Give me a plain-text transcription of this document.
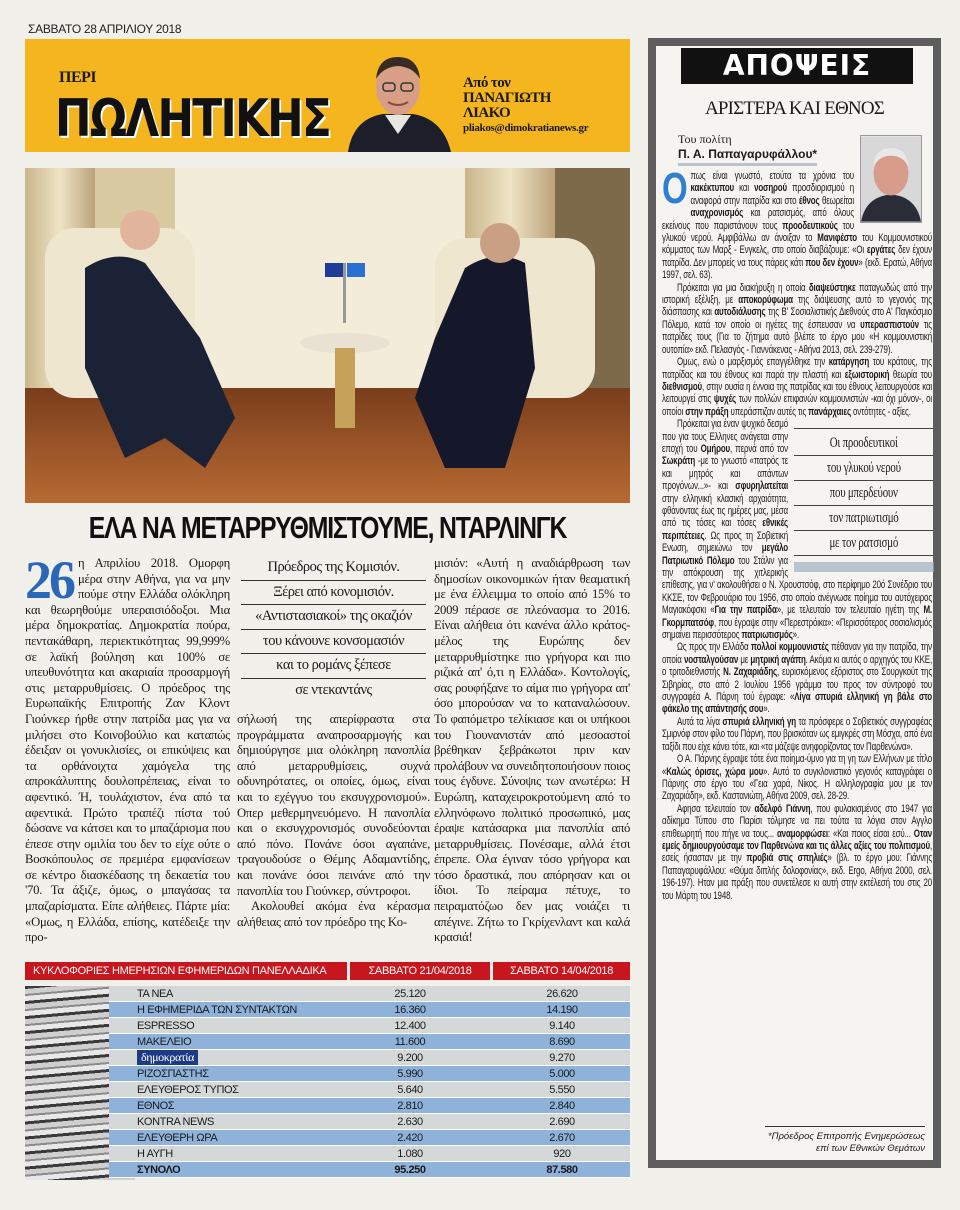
ΣΑΒΒΑΤΟ 28 ΑΠΡΙΛΙΟΥ 2018
ΠΕΡΙ
ΠΩΛΗΤΙΚΗΣ
Από τον
ΠΑΝΑΓΙΩΤΗ
ΛΙΑΚΟ
pliakos@dimokratianews.gr
ΕΛΑ ΝΑ ΜΕΤΑΡΡΥΘΜΙΣΤΟΥΜΕ, ΝΤΑΡΛΙΝΓΚ
26 η Απριλίου 2018. Ομορφη μέρα στην Αθήνα, για να μην πούμε στην Ελλάδα ολόκληρη και θεωρηθούμε υπεραισιόδοξοι. Μια μέρα δημοκρατίας. Δημοκρατία πούρα, πεντακάθαρη, περιεκτικότητας 99,999% σε λαϊκή βούληση και 100% σε υπευθυνότητα και ακαριαία προσαρμογή στις μεταρρυθμίσεις. Ο πρόεδρος της Ευρωπαϊκής Επιτροπής Ζαν Κλοντ Γιούνκερ ήρθε στην πατρίδα μας για να μιλήσει στο Κοινοβούλιο και καταπώς έδειξαν οι γονυκλισίες, οι επικύψεις και τα ορθάνοιχτα χαμόγελα της απροκάλυπτης δουλοπρέπειας, είναι το αφεντικό. Ή, τουλάχιστον, ένα από τα αφεντικά. Πρώτο τραπέζι πίστα τού δώσανε να κάτσει και το μπαζάρισμα που έπεσε στην ομιλία του δεν το είχε ούτε ο Βοσκόπουλος σε πρεμιέρα εμφανίσεων σε κέντρο διασκέδασης τη δεκαετία του '70. Τα άξιζε, όμως, ο μπαγάσας τα μπαζαρίσματα. Είπε αλήθειες. Πάρτε μία: «Ομως, η Ελλάδα, επίσης, κατέδειξε την προ-
Πρόεδρος της Κομισιόν.
Ξέρει από κονομισιόν.
«Αντιστασιακοί» της οκαζιόν
του κάνουνε κονσομασιόν
και το ρομάνς ξέπεσε
σε ντεκαντάνς

σήλωσή της απερίφραστα στα προγράμματα αναπροσαρμογής και δημιούργησε μια ολόκληρη πανοπλία από μεταρρυθμίσεις, συχνά οδυνηρότατες, οι οποίες, όμως, είναι και το εχέγγυο του εκσυγχρονισμού». Οπερ μεθερμηνευόμενο. Η πανοπλία και ο εκσυγχρονισμός συνοδεύονται από πόνο. Πονάνε όσοι αγαπάνε, τραγουδούσε ο Θέμης Αδαμαντίδης, και πονάνε όσοι πεινάνε από την πανοπλία του Γιούνκερ, σύντροφοι.

Ακολουθεί ακόμα ένα κέρασμα αλήθειας από τον πρόεδρο της Κο-

μισιόν: «Αυτή η αναδιάρθρωση των δημοσίων οικονομικών ήταν θεαματική με ένα έλλειμμα το οποίο από 15% το 2009 πέρασε σε πλεόνασμα το 2016. Είναι αλήθεια ότι κανένα άλλο κράτος-μέλος της Ευρώπης δεν μεταρρυθμίστηκε πιο γρήγορα και πιο ριζικά απ' ό,τι η Ελλάδα». Κοντολογίς, σας ρουφήξανε το αίμα πιο γρήγορα απ' όσο μπορούσαν να το καταναλώσουν. Το φαπόμετρο τελίκιασε και οι υπήκοοι του Γιουνανιστάν από μεσοαστοί βρέθηκαν ξεβράκωτοι πριν καν προλάβουν να συνειδητοποιήσουν ποιος τους έγδυνε. Σύνοψις των ανωτέρω: Η Ευρώπη, καταχειροκροτούμενη από το ελληνόφωνο πολιτικό προσωπικό, μας έραψε κατάσαρκα μια πανοπλία από μεταρρυθμίσεις. Πονέσαμε, αλλά έτσι έπρεπε. Ολα έγιναν τόσο γρήγορα και τόσο δραστικά, που απόρησαν και οι ίδιοι. Το πείραμα πέτυχε, το πειραματόζωο δεν μας νοιάζει τι απέγινε. Ζήτω το Γκρίχενλαντ και καλά κρασιά!

ΚΥΚΛΟΦΟΡΙΕΣ ΗΜΕΡΗΣΙΩΝ ΕΦΗΜΕΡΙΔΩΝ ΠΑΝΕΛΛΑΔΙΚΑ	ΣΑΒΒΑΤΟ 21/04/2018	ΣΑΒΒΑΤΟ 14/04/2018
ΤΑ ΝΕΑ	25.120	26.620
Η ΕΦΗΜΕΡΙΔΑ ΤΩΝ ΣΥΝΤΑΚΤΩΝ	16.360	14.190
ESPRESSO	12.400	9.140
ΜΑΚΕΛΕΙΟ	11.600	8.690
δημοκρατία	9.200	9.270
ΡΙΖΟΣΠΑΣΤΗΣ	5.990	5.000
ΕΛΕΥΘΕΡΟΣ ΤΥΠΟΣ	5.640	5.550
ΕΘΝΟΣ	2.810	2.840
KONTRA NEWS	2.630	2.690
ΕΛΕΥΘΕΡΗ ΩΡΑ	2.420	2.670
Η ΑΥΓΗ	1.080	920
ΣΥΝΟΛΟ	95.250	87.580
ΑΠΟΨΕΙΣ
ΑΡΙΣΤΕΡΑ ΚΑΙ ΕΘΝΟΣ
Του πολίτη
Π. Α. Παπαγαρυφάλλου*
Oπως είναι γνωστό, ετούτα τα χρόνια του κακέκτυπου και νοσηρού προσδιορισμού η αναφορά στην πατρίδα και στο έθνος θεωρείται αναχρονισμός και ρατσισμός, από όλους εκείνους που παριστάνουν τους προοδευτικούς του γλυκού νερού. Αμφιβάλλω αν άνοιξαν το Μανιφέστο του Κομμουνιστικού κόμματος των Μαρξ - Ενγκελς, στο οποίο διαβάζουμε: «Οι εργάτες δεν έχουν πατρίδα. Δεν μπορείς να τους πάρεις κάτι που δεν έχουν» (εκδ. Ερατώ, Αθήνα 1997, σελ. 63).

Πρόκειται για μια διακήρυξη η οποία διαψεύστηκε παταγωδώς από την ιστορική εξέλιξη, με αποκορύφωμα της διάψευσης αυτό το γεγονός της διάσπασης και αυτοδιάλυσης της Β' Σοσιαλιστικής Διεθνούς στο Α' Παγκόσμιο Πόλεμο, κατά τον οποίο οι ηγέτες της έσπευσαν να υπερασπιστούν τις πατρίδες τους (Για το ζήτημα αυτό βλέπε το έργο μου «Η κομμουνιστική ουτοπία» εκδ. Πελασγός - Γιαννάκενας - Αθήνα 2013, σελ. 239-279).

Ομως, ενώ ο μαρξισμός επαγγέλθηκε την κατάργηση του κράτους, της πατρίδας και του έθνους και παρά την πλαστή και εξωιστορική θεωρία του διεθνισμού, στην ουσία η έννοια της πατρίδας και του έθνους λειτουργούσε και λειτουργεί στις ψυχές των πολλών επιφανών κομμουνιστών -και όχι μόνον-, οι οποίοι στην πράξη υπεράσπιζαν αυτές τις πανάρχαιες οντότητες - αξίες.

Οι προοδευτικοί
του γλυκού νερού
που μπερδεύουν
τον πατριωτισμό
με τον ρατσισμό
Πρόκειται για έναν ψυχικό δεσμό που για τους Ελληνες ανάγεται στην εποχή του Ομήρου, περνά από τον Σωκράτη -με το γνωστό «πατρός τε και μητρός και απάντων προγόνων...»- και σφυρηλατείται στην ελληνική κλασική αρχαιότητα, φθάνοντας έως τις ημέρες μας, μέσα από τις τόσες και τόσες εθνικές περιπέτειες. Ως προς τη Σοβιετική Ενωση, σημειώνω τον μεγάλο Πατριωτικό Πόλεμο του Στάλιν για την απόκρουση της χιτλερικής επίθεσης, για ν' ακολουθήσει ο Ν. Χρουστσόφ, στο περίφημο 20ό Συνέδριο του ΚΚΣΕ, τον Φεβρουάριο του 1956, στο οποίο ανέγνωσε ποίημα του αυτόχειρος Μαγιακόφσκι «Για την πατρίδα», με τελευταίο τον τελευταίο ηγέτη της Μ. Γκορμπατσόφ, που έγραψε στην «Περεστρόικα»: «Περισσότερος σοσιαλισμός σημαίνει περισσότερος πατριωτισμός».

Ως προς την Ελλάδα πολλοί κομμουνιστές πέθαναν για την πατρίδα, την οποία νοσταλγούσαν με μητρική αγάπη. Ακόμα κι αυτός ο αρχηγός του ΚΚΕ, ο τριτοδιεθνιστής Ν. Ζαχαριάδης, ευρισκόμενος εξόριστος στο Σουργκούτ της Σιβηρίας, στο από 2 Ιουλίου 1956 γράμμα του προς τον σύντροφό του συγγραφέα Α. Πάρνη τού έγραφε: «Λίγα σπυριά ελληνική γη βάλε στο φάκελο της απάντησής σου».

Αυτά τα λίγα σπυριά ελληνική γη τα πρόσφερε ο Σοβιετικός συγγραφέας Σμιρνόφ στον φίλο του Πάρνη, που βρισκόταν ως εμιγκρές στη Μόσχα, από ένα ταξίδι που είχε κάνει τότε, και «τα μάζεψε ανηφορίζοντας τον Παρθενώνα».

Ο Α. Πάρνης έγραψε τότε ένα ποίημα-ύμνο για τη γη των Ελλήνων με τίτλο «Καλώς όρισες, χώρα μου». Αυτό το συγκλονιστικό γεγονός καταγράφει ο Πάρνης στο έργο του «Γεια χαρά, Νίκος. Η αλληλογραφία μου με τον Ζαχαριάδη», εκδ. Καστανιώτη, Αθήνα 2009, σελ. 28-29.

Αφησα τελευταίο τον αδελφό Γιάννη, που φυλακισμένος στο 1947 για αδίκημα Τύπου στο Παρίσι τόλμησε να πει τούτα τα λόγια στον Αγγλο επιθεωρητή που πήγε να τους... αναμορφώσει: «Και ποιος είσαι εσύ... Οταν εμείς δημιουργούσαμε τον Παρθενώνα και τις άλλες αξίες του πολιτισμού, εσείς ήσασταν με την προβιά στις σπηλιές» (βλ. το έργο μου: Γιάννης Παπαγαρυφάλλου: «Θύμα διπλής δολοφονίας», εκδ. Ergo, Αθήνα 2000, σελ. 196-197). Ηταν μια πράξη που συνετέλεσε κι αυτή στην εκτέλεσή του στις 20 του Μάρτη του 1948.

*Πρόεδρος Επιτροπής Ενημερώσεως
επί των Εθνικών Θεμάτων
